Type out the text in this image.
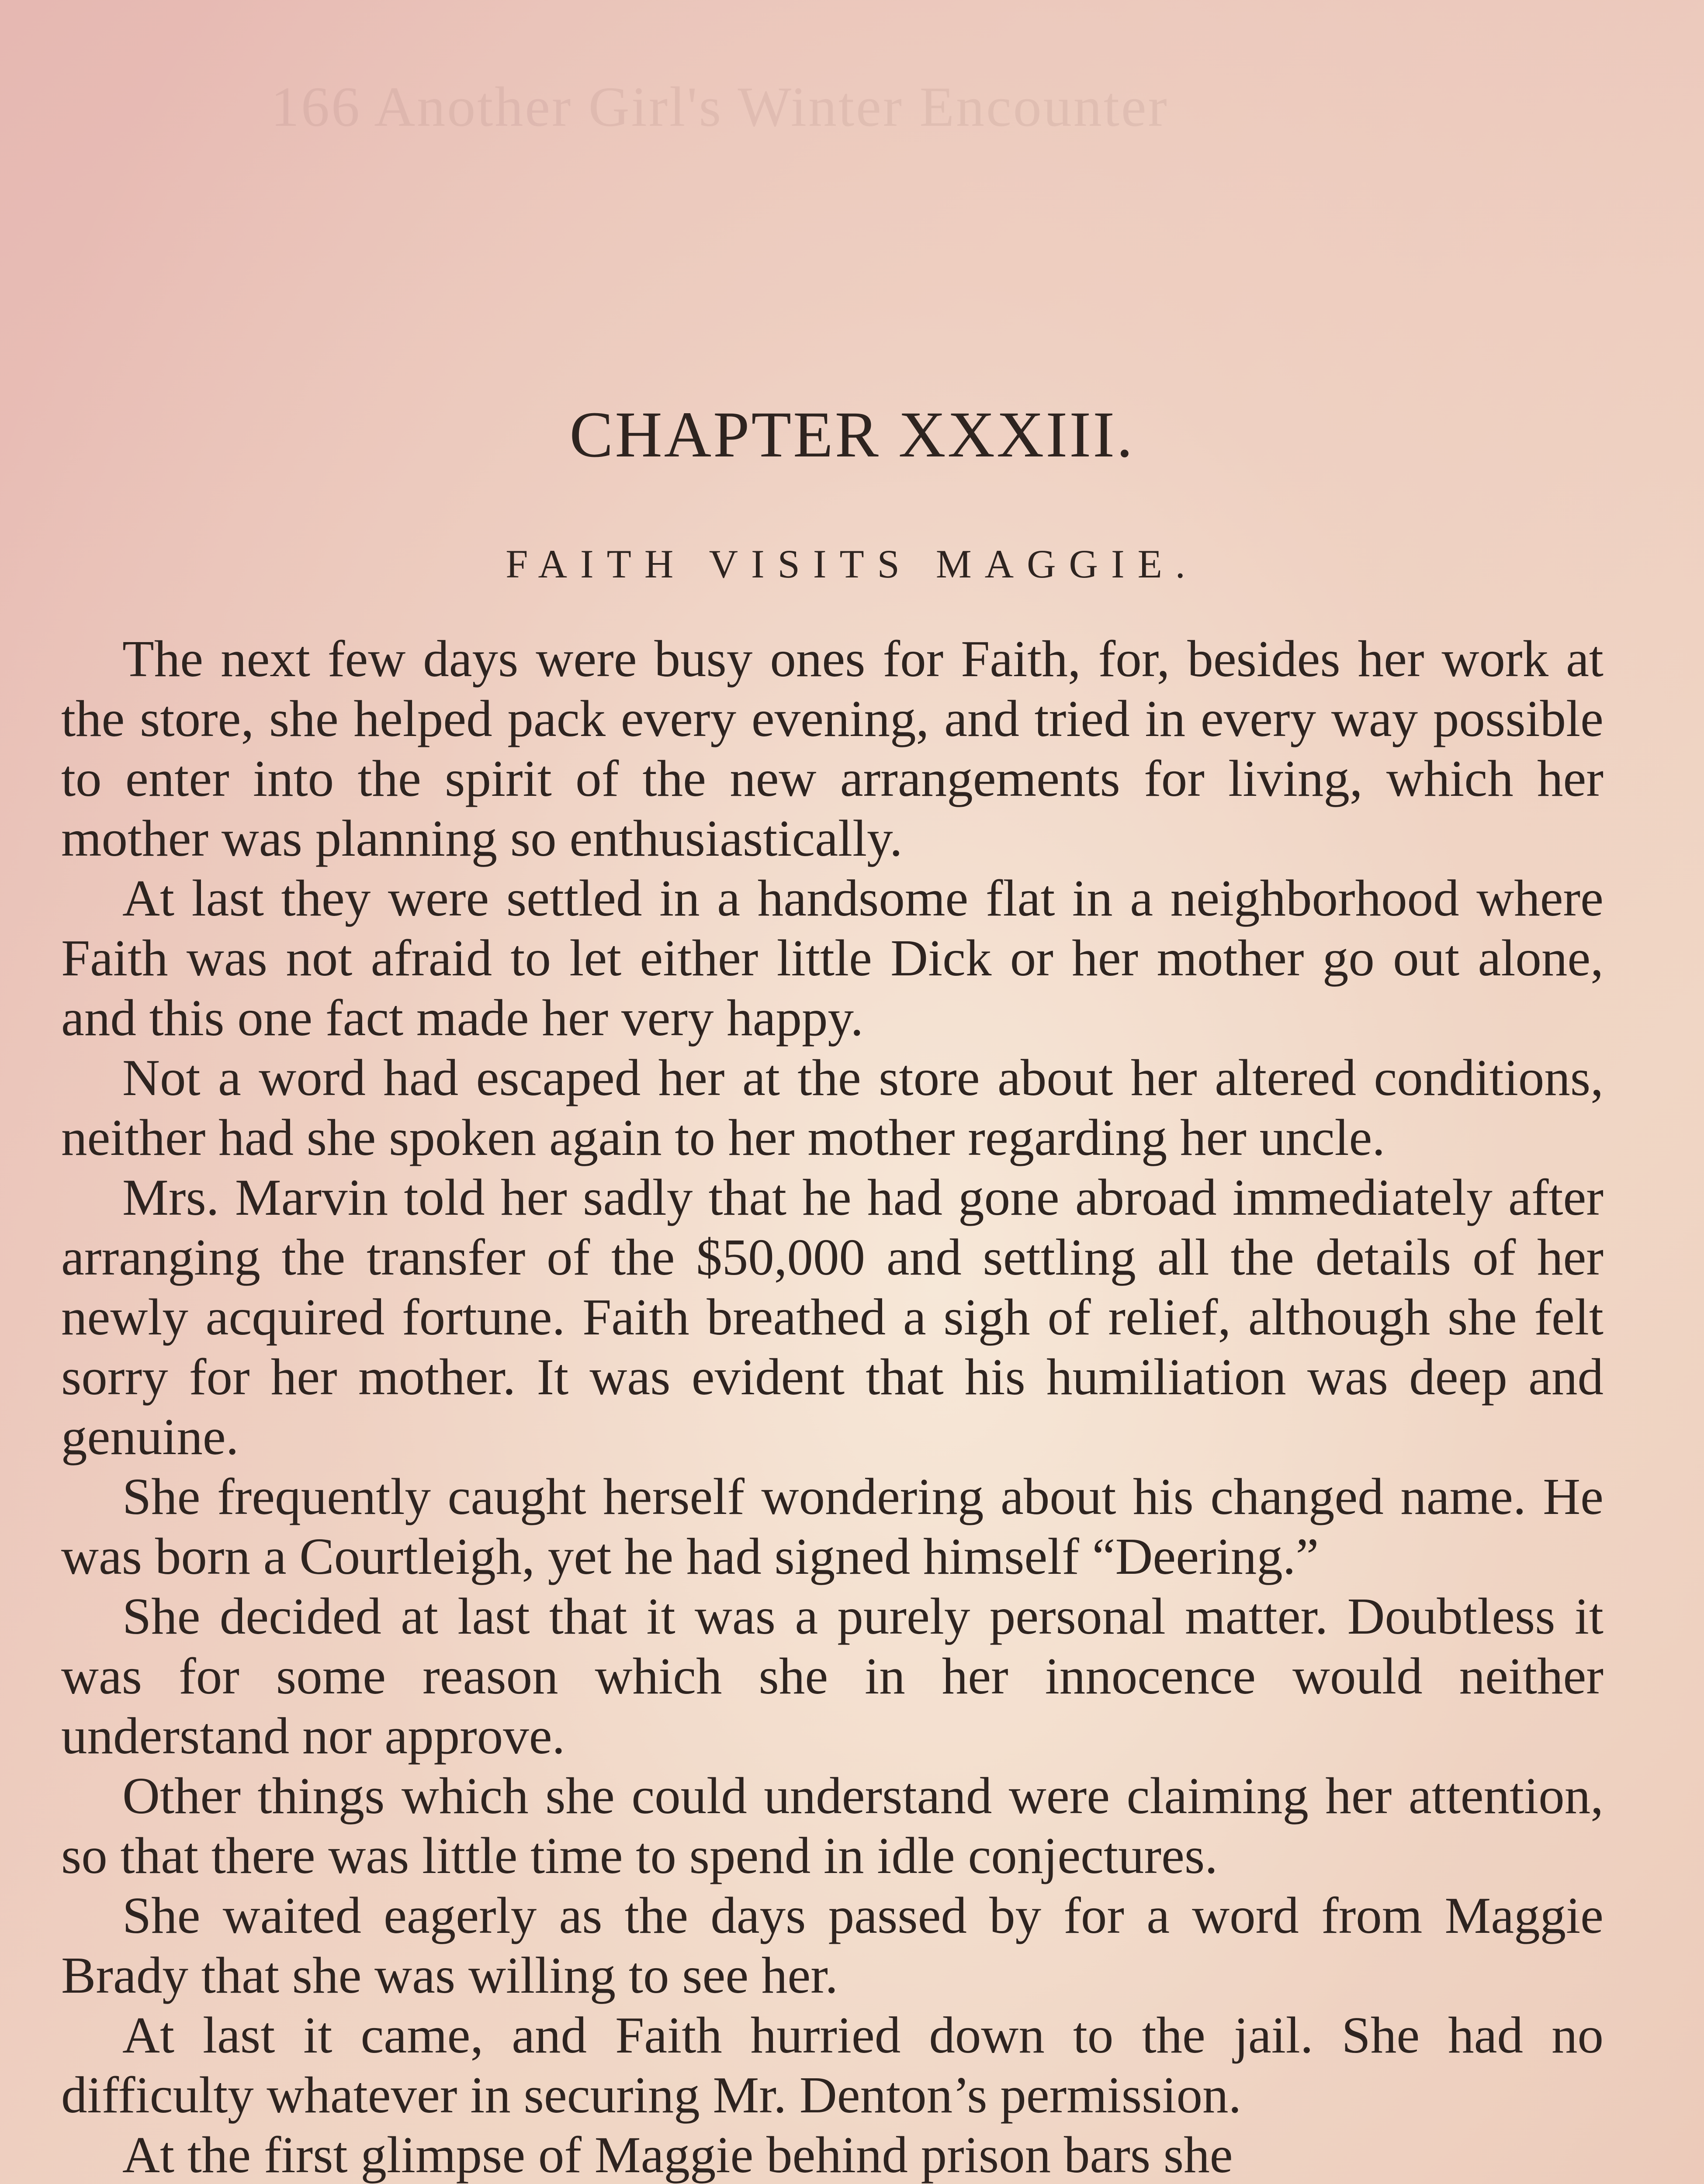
166 Another Girl's Winter Encounter
CHAPTER XXXIII.
FAITH VISITS MAGGIE.

The next few days were busy ones for Faith, for, besides her work at the store, she helped pack every evening, and tried in every way possible to enter into the spirit of the new arrangements for living, which her mother was planning so enthusiastically.

At last they were settled in a handsome flat in a neighborhood where Faith was not afraid to let either little Dick or her mother go out alone, and this one fact made her very happy.

Not a word had escaped her at the store about her altered conditions, neither had she spoken again to her mother regarding her uncle.

Mrs. Marvin told her sadly that he had gone abroad immediately after arranging the transfer of the $50,000 and settling all the details of her newly acquired fortune. Faith breathed a sigh of relief, although she felt sorry for her mother. It was evident that his humiliation was deep and genuine.

She frequently caught herself wondering about his changed name. He was born a Courtleigh, yet he had signed himself “Deering.”

She decided at last that it was a purely personal matter. Doubtless it was for some reason which she in her innocence would neither understand nor approve.

Other things which she could understand were claiming her attention, so that there was little time to spend in idle conjectures.

She waited eagerly as the days passed by for a word from Maggie Brady that she was willing to see her.

At last it came, and Faith hurried down to the jail. She had no difficulty whatever in securing Mr. Denton’s permission.

At the first glimpse of Maggie behind prison bars she
